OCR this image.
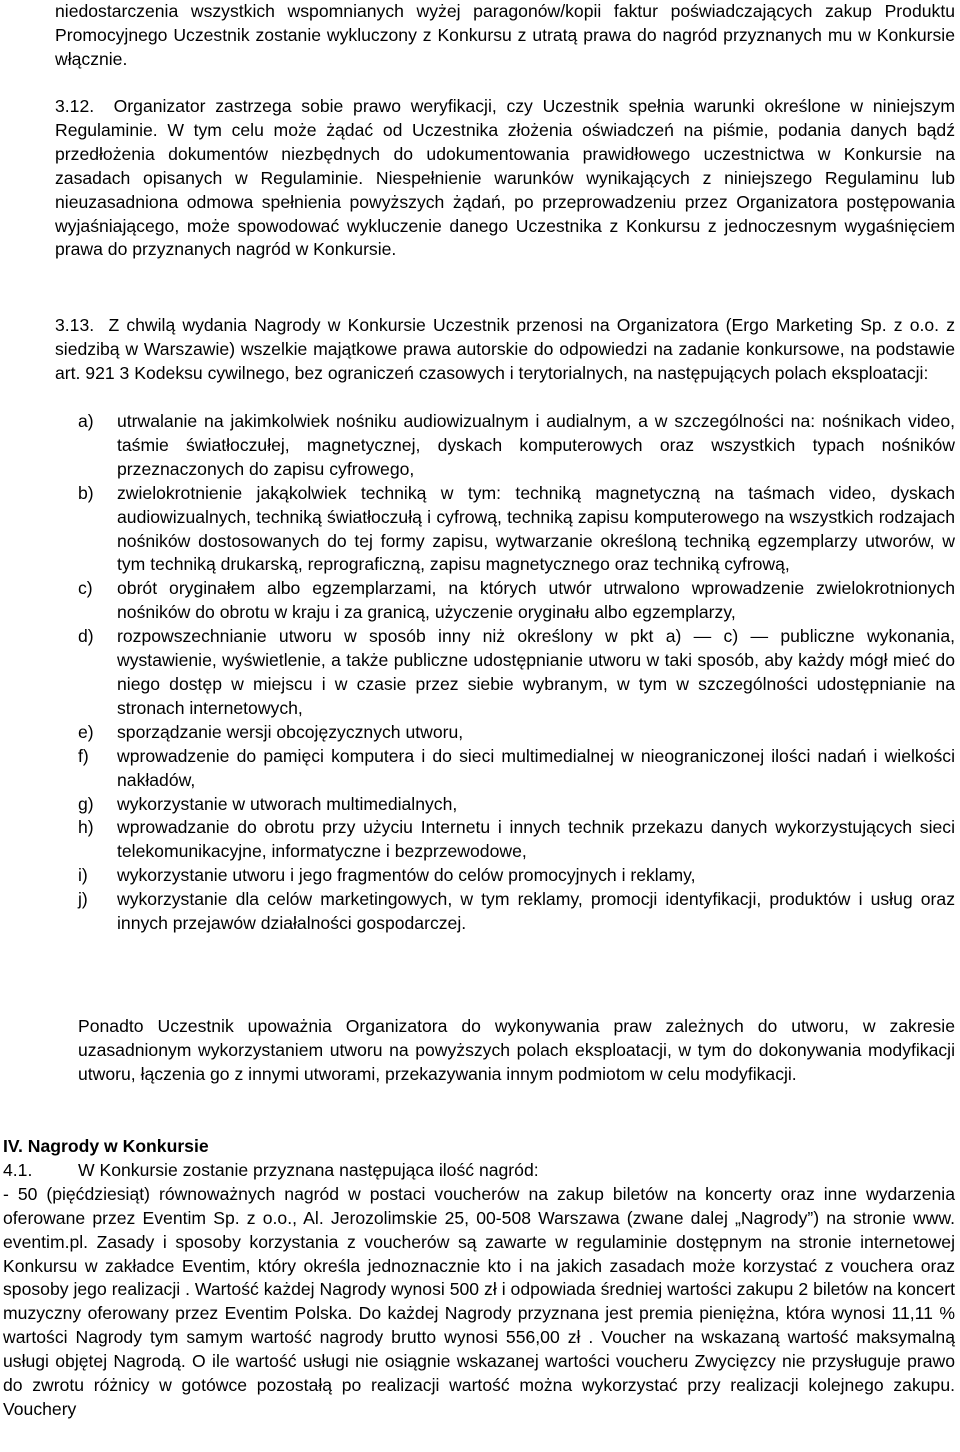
niedostarczenia wszystkich wspomnianych wyżej paragonów/kopii faktur poświadczających zakup Produktu Promocyjnego Uczestnik zostanie wykluczony z Konkursu z utratą prawa do nagród przyznanych mu w Konkursie włącznie.

3.12. Organizator zastrzega sobie prawo weryfikacji, czy Uczestnik spełnia warunki określone w niniejszym Regulaminie. W tym celu może żądać od Uczestnika złożenia oświadczeń na piśmie, podania danych bądź przedłożenia dokumentów niezbędnych do udokumentowania prawidłowego uczestnictwa w Konkursie na zasadach opisanych w Regulaminie. Niespełnienie warunków wynikających z niniejszego Regulaminu lub nieuzasadniona odmowa spełnienia powyższych żądań, po przeprowadzeniu przez Organizatora postępowania wyjaśniającego, może spowodować wykluczenie danego Uczestnika z Konkursu z jednoczesnym wygaśnięciem prawa do przyznanych nagród w Konkursie.

3.13. Z chwilą wydania Nagrody w Konkursie Uczestnik przenosi na Organizatora (Ergo Marketing Sp. z o.o. z siedzibą w Warszawie) wszelkie majątkowe prawa autorskie do odpowiedzi na zadanie konkursowe, na podstawie art. 921 3 Kodeksu cywilnego, bez ograniczeń czasowych i terytorialnych, na następujących polach eksploatacji:

a) utrwalanie na jakimkolwiek nośniku audiowizualnym i audialnym, a w szczególności na: nośnikach video, taśmie światłoczułej, magnetycznej, dyskach komputerowych oraz wszystkich typach nośników przeznaczonych do zapisu cyfrowego,

b) zwielokrotnienie jakąkolwiek techniką w tym: techniką magnetyczną na taśmach video, dyskach audiowizualnych, techniką światłoczułą i cyfrową, techniką zapisu komputerowego na wszystkich rodzajach nośników dostosowanych do tej formy zapisu, wytwarzanie określoną techniką egzemplarzy utworów, w tym techniką drukarską, reprograficzną, zapisu magnetycznego oraz techniką cyfrową,

c) obrót oryginałem albo egzemplarzami, na których utwór utrwalono wprowadzenie zwielokrotnionych nośników do obrotu w kraju i za granicą, użyczenie oryginału albo egzemplarzy,

d) rozpowszechnianie utworu w sposób inny niż określony w pkt a) — c) — publiczne wykonania, wystawienie, wyświetlenie, a także publiczne udostępnianie utworu w taki sposób, aby każdy mógł mieć do niego dostęp w miejscu i w czasie przez siebie wybranym, w tym w szczególności udostępnianie na stronach internetowych,

e) sporządzanie wersji obcojęzycznych utworu,

f) wprowadzenie do pamięci komputera i do sieci multimedialnej w nieograniczonej ilości nadań i wielkości nakładów,

g) wykorzystanie w utworach multimedialnych,

h) wprowadzanie do obrotu przy użyciu Internetu i innych technik przekazu danych wykorzystujących sieci telekomunikacyjne, informatyczne i bezprzewodowe,

i) wykorzystanie utworu i jego fragmentów do celów promocyjnych i reklamy,

j) wykorzystanie dla celów marketingowych, w tym reklamy, promocji identyfikacji, produktów i usług oraz innych przejawów działalności gospodarczej.

Ponadto Uczestnik upoważnia Organizatora do wykonywania praw zależnych do utworu, w zakresie uzasadnionym wykorzystaniem utworu na powyższych polach eksploatacji, w tym do dokonywania modyfikacji utworu, łączenia go z innymi utworami, przekazywania innym podmiotom w celu modyfikacji.

IV. Nagrody w Konkursie
4.1.	W Konkursie zostanie przyznana następująca ilość nagród:

- 50 (pięćdziesiąt) równoważnych nagród w postaci voucherów na zakup biletów na koncerty oraz inne wydarzenia oferowane przez Eventim Sp. z o.o., Al. Jerozolimskie 25, 00-508 Warszawa (zwane dalej „Nagrody”) na stronie www. eventim.pl. Zasady i sposoby korzystania z voucherów są zawarte w regulaminie dostępnym na stronie internetowej Konkursu w zakładce Eventim, który określa jednoznacznie kto i na jakich zasadach może korzystać z vouchera oraz sposoby jego realizacji . Wartość każdej Nagrody wynosi 500 zł i odpowiada średniej wartości zakupu 2 biletów na koncert muzyczny oferowany przez Eventim Polska. Do każdej Nagrody przyznana jest premia pieniężna, która wynosi 11,11 % wartości Nagrody tym samym wartość nagrody brutto wynosi 556,00 zł . Voucher na wskazaną wartość maksymalną usługi objętej Nagrodą. O ile wartość usługi nie osiągnie wskazanej wartości voucheru Zwycięzcy nie przysługuje prawo do zwrotu różnicy w gotówce pozostałą po realizacji wartość można wykorzystać przy realizacji kolejnego zakupu. Vouchery
